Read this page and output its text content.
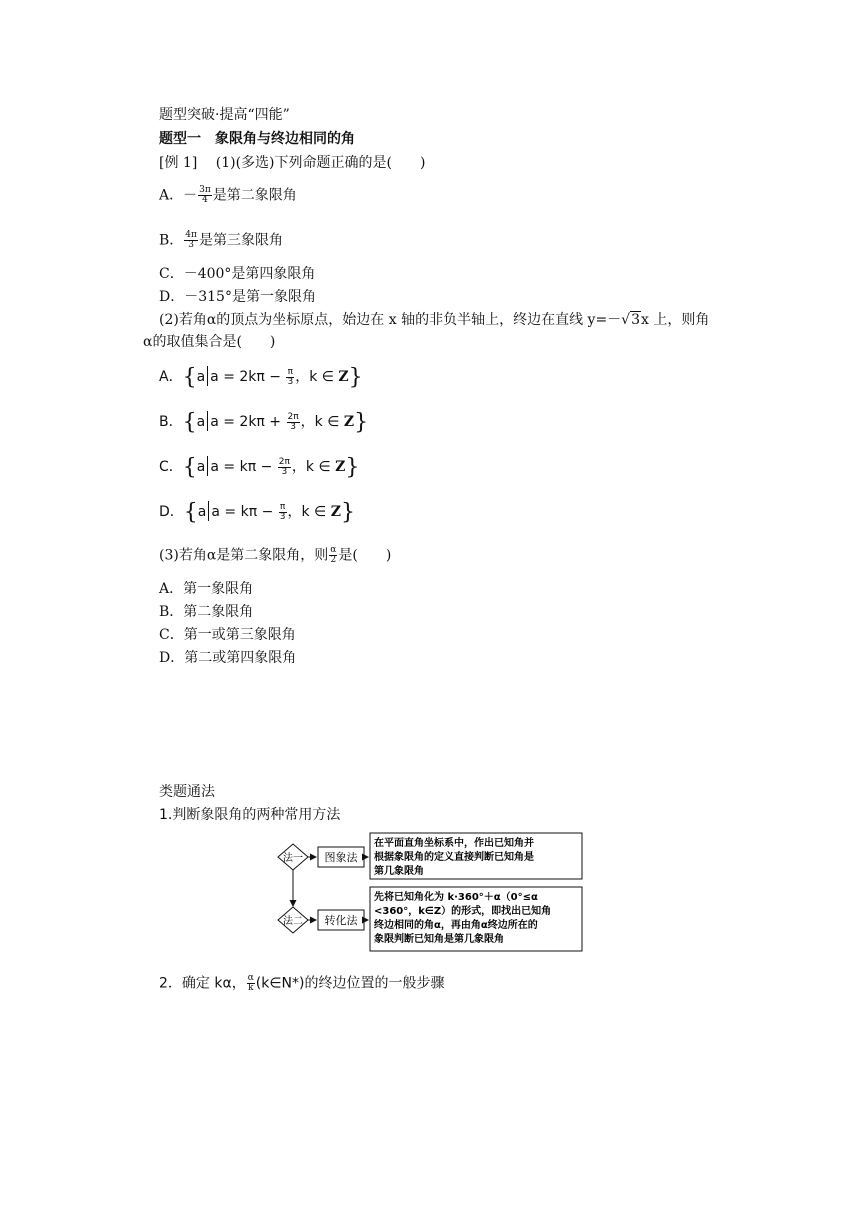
题型突破·提高“四能”
题型一　象限角与终边相同的角
[例 1] (1)(多选)下列命题正确的是(　　)
A．－ $\frac{3\pi}{4}$ 是第二象限角
B． $\frac{4\pi}{3}$ 是第三象限角
C．－400°是第四象限角
D．－315°是第一象限角
(2)若角α的顶点为坐标原点，始边在 x 轴的非负半轴上，终边在直线 y=－√3x 上，则角
α的取值集合是(　　)
A．{a $a = 2k\pi - \frac{\pi}{3}$ ，k ∈ Z}
B．{a $a = 2k\pi + \frac{2\pi}{3}$ ，k ∈ Z}
C．{a $a = k\pi - \frac{2\pi}{3}$ ，k ∈ Z}
D．{a $a = k\pi - \frac{\pi}{3}$ ，k ∈ Z}
(3)若角α是第二象限角，则 $\frac{\alpha}{2}$ 是(　　)
A．第一象限角
B．第二象限角
C．第一或第三象限角
D．第二或第四象限角
类题通法
1.判断象限角的两种常用方法
法一 图象法
在平面直角坐标系中，作出已知角并
根据象限角的定义直接判断已知角是
第几象限角
法二 转化法
先将已知角化为 k·360°＋α（0°≤α
<360°，k∈Z）的形式，即找出已知角
终边相同的角α，再由角α终边所在的
象限判断已知角是第几象限角
2．确定 kα， $\frac{\alpha}{k}$ (k∈N*)的终边位置的一般步骤
